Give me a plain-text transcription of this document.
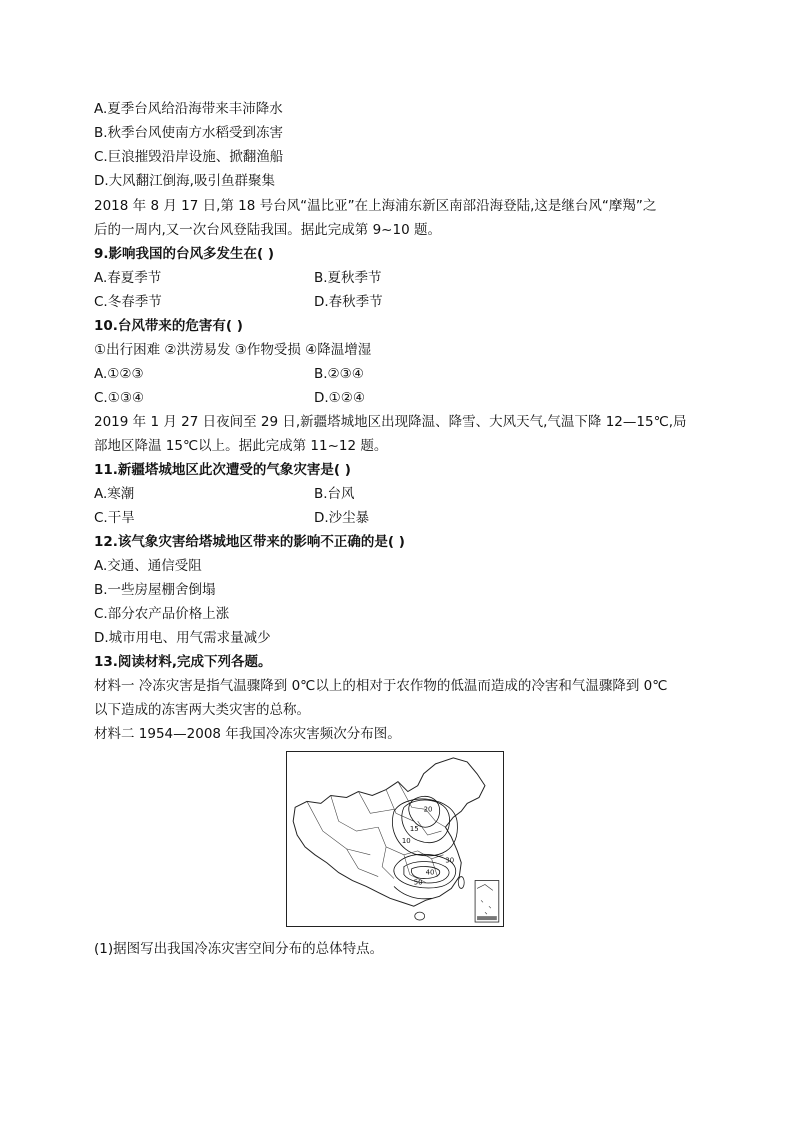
A.夏季台风给沿海带来丰沛降水
B.秋季台风使南方水稻受到冻害
C.巨浪摧毁沿岸设施、掀翻渔船
D.大风翻江倒海,吸引鱼群聚集
2018 年 8 月 17 日,第 18 号台风“温比亚”在上海浦东新区南部沿海登陆,这是继台风“摩羯”之
后的一周内,又一次台风登陆我国。据此完成第 9~10 题。
9.影响我国的台风多发生在( )
A.春夏季节	B.夏秋季节
C.冬春季节	D.春秋季节
10.台风带来的危害有( )
①出行困难 ②洪涝易发 ③作物受损 ④降温增湿
A.①②③	B.②③④
C.①③④	D.①②④
2019 年 1 月 27 日夜间至 29 日,新疆塔城地区出现降温、降雪、大风天气,气温下降 12—15℃,局
部地区降温 15℃以上。据此完成第 11~12 题。
11.新疆塔城地区此次遭受的气象灾害是( )
A.寒潮	B.台风
C.干旱	D.沙尘暴
12.该气象灾害给塔城地区带来的影响不正确的是( )
A.交通、通信受阻
B.一些房屋棚舍倒塌
C.部分农产品价格上涨
D.城市用电、用气需求量减少
13.阅读材料,完成下列各题。
材料一 冷冻灾害是指气温骤降到 0℃以上的相对于农作物的低温而造成的冷害和气温骤降到 0℃
以下造成的冻害两大类灾害的总称。
材料二 1954—2008 年我国冷冻灾害频次分布图。
20
15
10
30
40
50
(1)据图写出我国冷冻灾害空间分布的总体特点。
